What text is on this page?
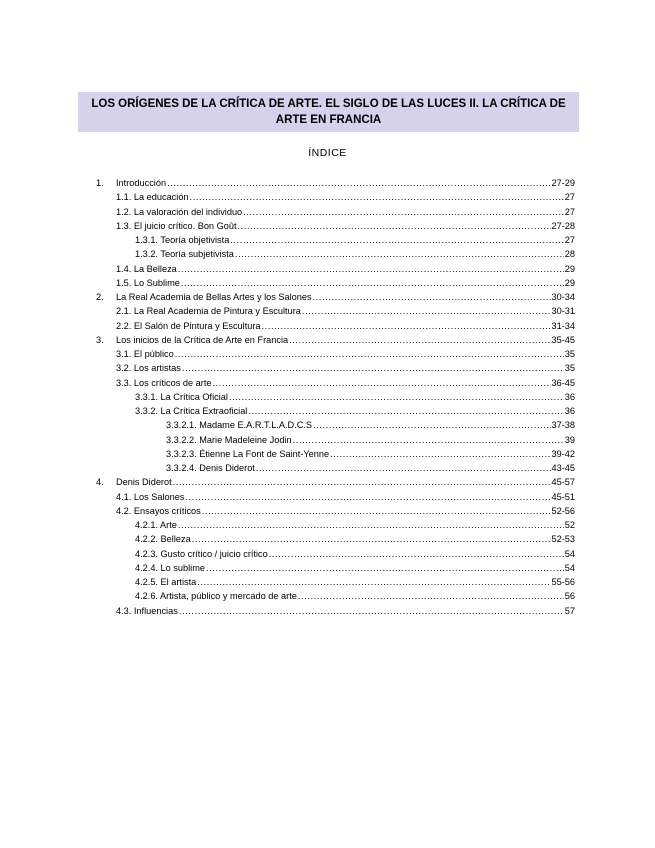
LOS ORÍGENES DE LA CRÍTICA DE ARTE. EL SIGLO DE LAS LUCES II. LA CRÍTICA DE ARTE EN FRANCIA
ÍNDICE
1.	Introducción .....	27-29
1.1. La educación .....	27
1.2. La valoración del individuo .....	27
1.3. El juicio crítico. Bon Goût .....	27-28
1.3.1. Teoría objetivista .....	27
1.3.2. Teoría subjetivista .....	28
1.4. La Belleza .....	29
1.5. Lo Sublime .....	29
2.	La Real Academia de Bellas Artes y los Salones .....	30-34
2.1. La Real Academia de Pintura y Escultura .....	30-31
2.2. El Salón de Pintura y Escultura .....	31-34
3.	Los inicios de la Crítica de Arte en Francia .....	35-45
3.1. El público .....	35
3.2. Los artistas .....	35
3.3. Los críticos de arte .....	36-45
3.3.1. La Crítica Oficial .....	36
3.3.2. La Crítica Extraoficial .....	36
3.3.2.1. Madame E.A.R.T.L.A.D.C.S .....	37-38
3.3.2.2. Marie Madeleine Jodin .....	39
3.3.2.3. Étienne La Font de Saint-Yenne .....	39-42
3.3.2.4. Denis Diderot .....	43-45
4.	Denis Diderot .....	45-57
4.1. Los Salones .....	45-51
4.2. Ensayos críticos .....	52-56
4.2.1. Arte .....	52
4.2.2. Belleza .....	52-53
4.2.3. Gusto crítico / juicio crítico .....	54
4.2.4. Lo sublime .....	54
4.2.5. El artista .....	55-56
4.2.6. Artista, público y mercado de arte .....	56
4.3. Influencias .....	57
